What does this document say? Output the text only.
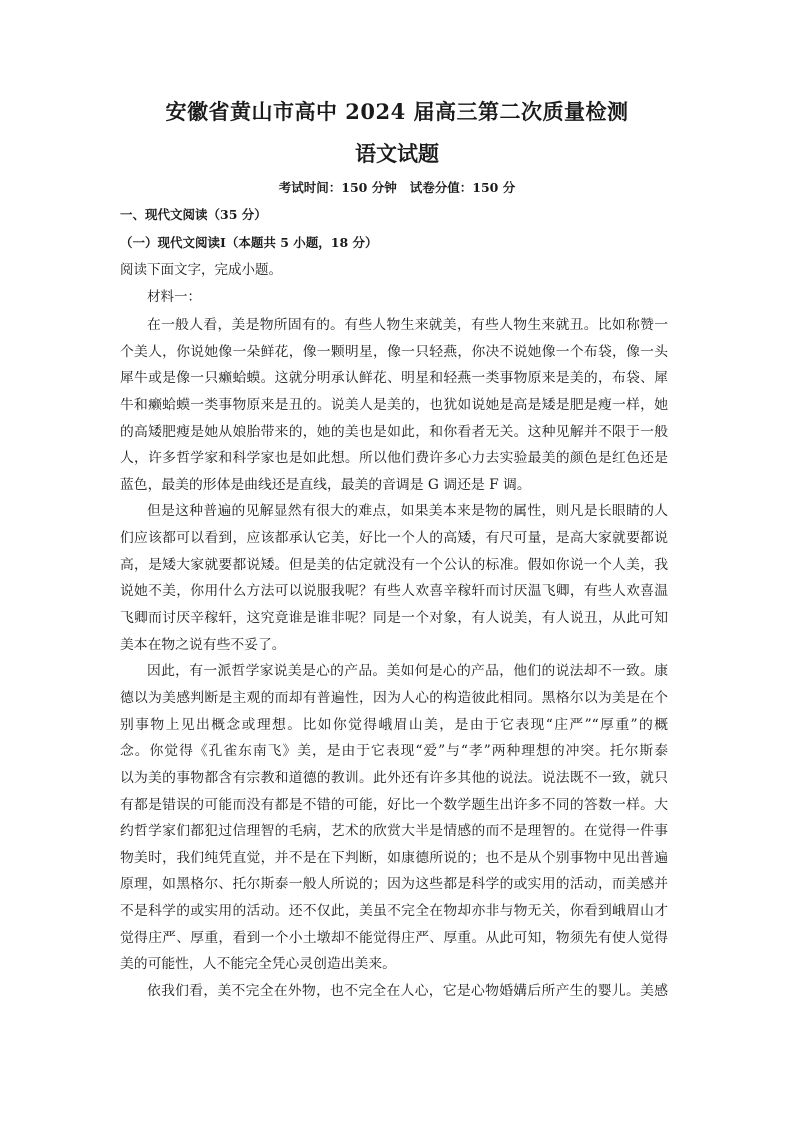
安徽省黄山市高中 2024 届高三第二次质量检测
语文试题
考试时间：150 分钟   试卷分值：150 分
一、现代文阅读（35 分）
（一）现代文阅读Ⅰ（本题共 5 小题，18 分）
阅读下面文字，完成小题。
材料一：
在一般人看，美是物所固有的。有些人物生来就美，有些人物生来就丑。比如称赞一
个美人，你说她像一朵鲜花，像一颗明星，像一只轻燕，你决不说她像一个布袋，像一头
犀牛或是像一只癞蛤蟆。这就分明承认鲜花、明星和轻燕一类事物原来是美的，布袋、犀
牛和癞蛤蟆一类事物原来是丑的。说美人是美的，也犹如说她是高是矮是肥是瘦一样，她
的高矮肥瘦是她从娘胎带来的，她的美也是如此，和你看者无关。这种见解并不限于一般
人，许多哲学家和科学家也是如此想。所以他们费许多心力去实验最美的颜色是红色还是
蓝色，最美的形体是曲线还是直线，最美的音调是 G 调还是 F 调。
但是这种普遍的见解显然有很大的难点，如果美本来是物的属性，则凡是长眼睛的人
们应该都可以看到，应该都承认它美，好比一个人的高矮，有尺可量，是高大家就要都说
高，是矮大家就要都说矮。但是美的估定就没有一个公认的标准。假如你说一个人美，我
说她不美，你用什么方法可以说服我呢？有些人欢喜辛稼轩而讨厌温飞卿，有些人欢喜温
飞卿而讨厌辛稼轩，这究竟谁是谁非呢？同是一个对象，有人说美，有人说丑，从此可知
美本在物之说有些不妥了。
因此，有一派哲学家说美是心的产品。美如何是心的产品，他们的说法却不一致。康
德以为美感判断是主观的而却有普遍性，因为人心的构造彼此相同。黑格尔以为美是在个
别事物上见出概念或理想。比如你觉得峨眉山美，是由于它表现“庄严”“厚重”的概
念。你觉得《孔雀东南飞》美，是由于它表现“爱”与“孝”两种理想的冲突。托尔斯泰
以为美的事物都含有宗教和道德的教训。此外还有许多其他的说法。说法既不一致，就只
有都是错误的可能而没有都是不错的可能，好比一个数学题生出许多不同的答数一样。大
约哲学家们都犯过信理智的毛病，艺术的欣赏大半是情感的而不是理智的。在觉得一件事
物美时，我们纯凭直觉，并不是在下判断，如康德所说的；也不是从个别事物中见出普遍
原理，如黑格尔、托尔斯泰一般人所说的；因为这些都是科学的或实用的活动，而美感并
不是科学的或实用的活动。还不仅此，美虽不完全在物却亦非与物无关，你看到峨眉山才
觉得庄严、厚重，看到一个小土墩却不能觉得庄严、厚重。从此可知，物须先有使人觉得
美的可能性，人不能完全凭心灵创造出美来。
依我们看，美不完全在外物，也不完全在人心，它是心物婚媾后所产生的婴儿。美感
